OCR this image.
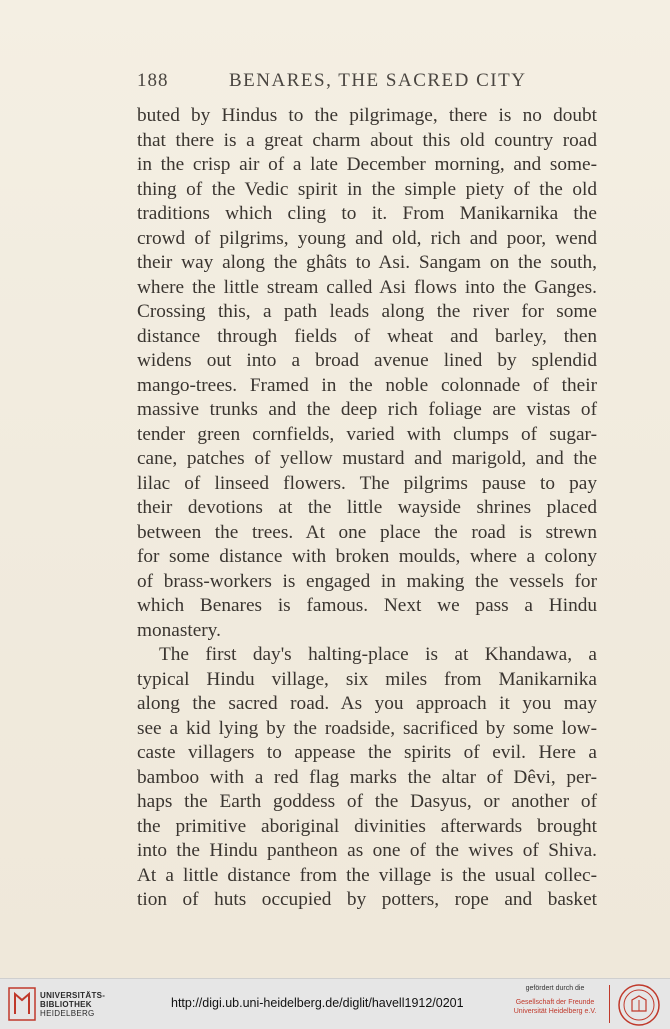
188	BENARES, THE SACRED CITY
buted by Hindus to the pilgrimage, there is no doubt
that there is a great charm about this old country road
in the crisp air of a late December morning, and some-
thing of the Vedic spirit in the simple piety of the old
traditions which cling to it. From Manikarnika the
crowd of pilgrims, young and old, rich and poor, wend
their way along the ghâts to Asi. Sangam on the south,
where the little stream called Asi flows into the Ganges.
Crossing this, a path leads along the river for some
distance through fields of wheat and barley, then
widens out into a broad avenue lined by splendid
mango-trees. Framed in the noble colonnade of their
massive trunks and the deep rich foliage are vistas of
tender green cornfields, varied with clumps of sugar-
cane, patches of yellow mustard and marigold, and the
lilac of linseed flowers. The pilgrims pause to pay
their devotions at the little wayside shrines placed
between the trees. At one place the road is strewn
for some distance with broken moulds, where a colony
of brass-workers is engaged in making the vessels for
which Benares is famous. Next we pass a Hindu
monastery.
The first day's halting-place is at Khandawa, a
typical Hindu village, six miles from Manikarnika
along the sacred road. As you approach it you may
see a kid lying by the roadside, sacrificed by some low-
caste villagers to appease the spirits of evil. Here a
bamboo with a red flag marks the altar of Dêvi, per-
haps the Earth goddess of the Dasyus, or another of
the primitive aboriginal divinities afterwards brought
into the Hindu pantheon as one of the wives of Shiva.
At a little distance from the village is the usual collec-
tion of huts occupied by potters, rope and basket
UNIVERSITÄTS-
BIBLIOTHEK
HEIDELBERG
http://digi.ub.uni-heidelberg.de/diglit/havell1912/0201
gefördert durch die
Gesellschaft der Freunde
Universität Heidelberg e.V.
